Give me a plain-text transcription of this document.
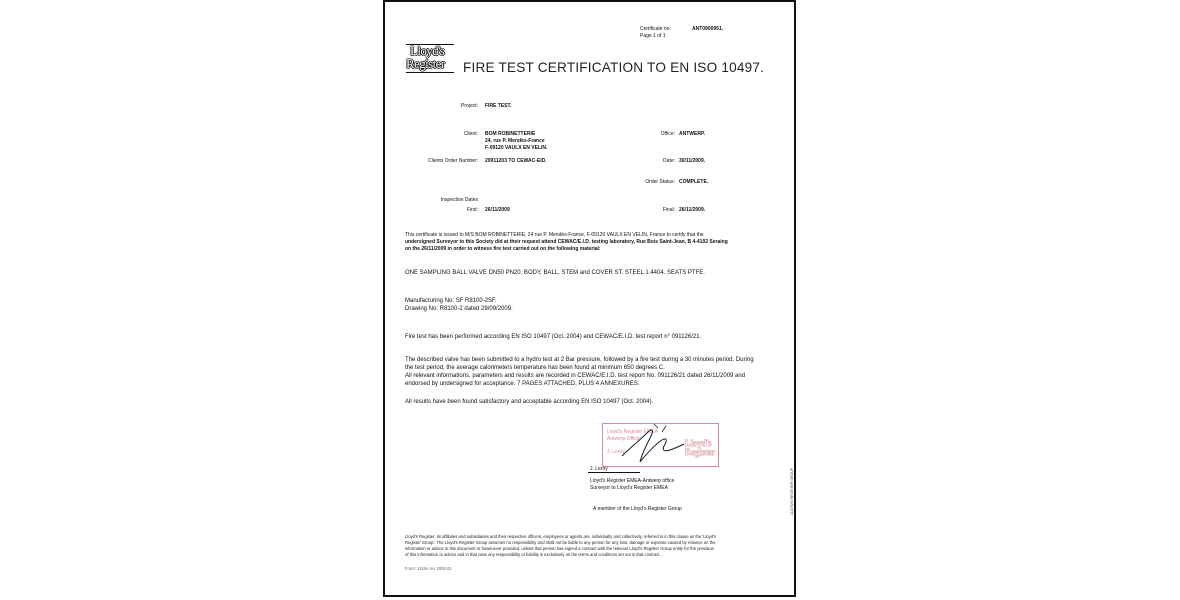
Certificate no:	ANT0900951.
Page 1 of 1
Lloyd's
Register FIRE TEST CERTIFICATION TO EN ISO 10497.
Project: FIRE TEST.
Client: BOM ROBINETTERIE
24, rue P. Mendès-France
F-09120 VAULX EN VELIN.
Office: ANTWERP.
Clients Order Number: 20911203 TO CEWAC-EID.	Date: 30/11/2009.
Order Status: COMPLETE.
Inspection Dates
First: 26/11/2009	Final: 26/11/2009.
This certificate is issued to M/S BOM ROBINETTERIE, 24 rue P. Mendès-France, F-09120 VAULX EN VELIN, France to certify that the
undersigned Surveyor to this Society did at their request attend CEWAC/E.I.D. testing laboratory, Rue Bois Saint-Jean, B 4-4102 Seraing
on the 26/11/2009 in order to witness fire test carried out on the following material:
ONE SAMPLING BALL VALVE DN50 PN20. BODY, BALL, STEM and COVER ST. STEEL 1.4404. SEATS PTFE.
Manufacturing No: SF R8100-2SF.
Drawing No: R8100-2 dated 29/09/2009.
Fire test has been performed according EN ISO 10497 (Oct. 2004) and CEWAC/E.I.D. test report n° 091126/21.
The described valve has been submitted to a hydro test at 2 Bar pressure, followed by a fire test during a 30 minutes period. During
the test period, the average calorimeters temperature has been found at minimum 650 degrees C.
All relevant informations, parameters and results are recorded in CEWAC/E.I.D. test report No. 091126/21 dated 26/11/2009 and
endorsed by undersigned for acceptance. 7 PAGES ATTACHED, PLUS 4 ANNEXURES.
All results have been found satisfactory and acceptable according EN ISO 10497 (Oct. 2004).
Lloyd's Register EMEA
Antwerp Office
J. Leroy
Lloyd's Register
J. Leroy
Lloyd's Register EMEA-Antwerp office
Surveyor to Lloyd's Register EMEA
A member of the Lloyd's Register Group
Lloyd's Register, its affiliates and subsidiaries and their respective officers, employees or agents are, individually and collectively, referred to in this clause as the 'Lloyd's
Register Group'. The Lloyd's Register Group assumes no responsibility and shall not be liable to any person for any loss, damage or expense caused by reliance on the
information or advice in this document or howsoever provided, unless that person has signed a contract with the relevant Lloyd's Register Group entity for the provision
of this information or advice and in that case any responsibility or liability is exclusively on the terms and conditions set out in that contract.
Form: 1115A rev 2008.02
LLOYD'S REGISTER GROUP
